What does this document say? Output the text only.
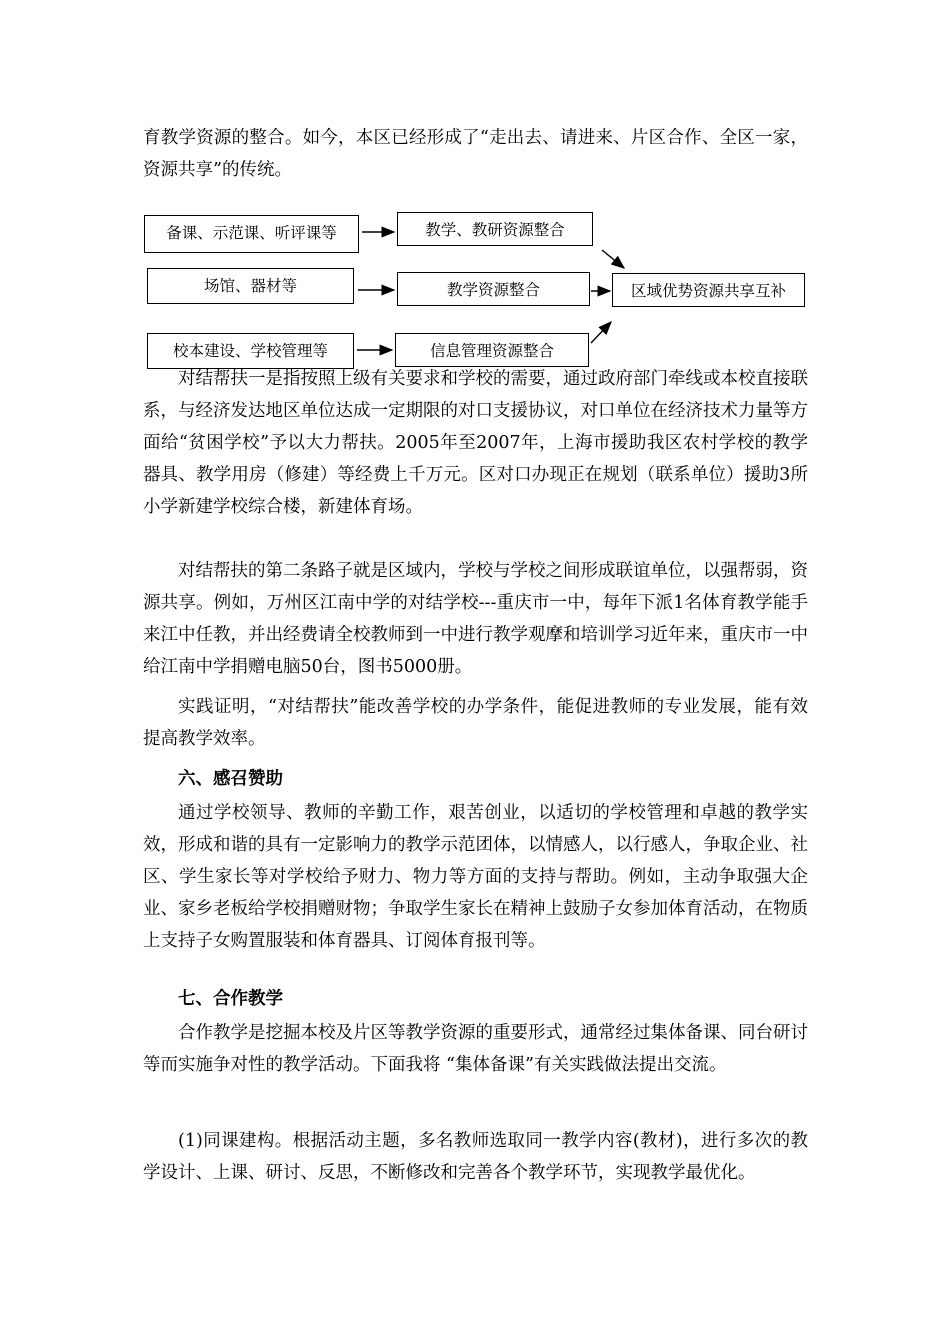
育教学资源的整合。如今，本区已经形成了“走出去、请进来、片区合作、全区一家，资源共享”的传统。

备课、示范课、听评课等
场馆、器材等
校本建设、学校管理等
教学、教研资源整合
教学资源整合
信息管理资源整合
区域优势资源共享互补

对结帮扶一是指按照上级有关要求和学校的需要，通过政府部门牵线或本校直接联系，与经济发达地区单位达成一定期限的对口支援协议，对口单位在经济技术力量等方面给“贫困学校”予以大力帮扶。2005年至2007年，上海市援助我区农村学校的教学器具、教学用房（修建）等经费上千万元。区对口办现正在规划（联系单位）援助3所小学新建学校综合楼，新建体育场。

对结帮扶的第二条路子就是区域内，学校与学校之间形成联谊单位，以强帮弱，资源共享。例如，万州区江南中学的对结学校---重庆市一中，每年下派1名体育教学能手来江中任教，并出经费请全校教师到一中进行教学观摩和培训学习近年来，重庆市一中给江南中学捐赠电脑50台，图书5000册。

实践证明，“对结帮扶”能改善学校的办学条件，能促进教师的专业发展，能有效提高教学效率。

六、感召赞助

通过学校领导、教师的辛勤工作，艰苦创业，以适切的学校管理和卓越的教学实效，形成和谐的具有一定影响力的教学示范团体，以情感人，以行感人，争取企业、社区、学生家长等对学校给予财力、物力等方面的支持与帮助。例如，主动争取强大企业、家乡老板给学校捐赠财物；争取学生家长在精神上鼓励子女参加体育活动，在物质上支持子女购置服装和体育器具、订阅体育报刊等。

七、合作教学

合作教学是挖掘本校及片区等教学资源的重要形式，通常经过集体备课、同台研讨等而实施争对性的教学活动。下面我将 “集体备课”有关实践做法提出交流。

(1)同课建构。根据活动主题，多名教师选取同一教学内容(教材)，进行多次的教学设计、上课、研讨、反思，不断修改和完善各个教学环节，实现教学最优化。
